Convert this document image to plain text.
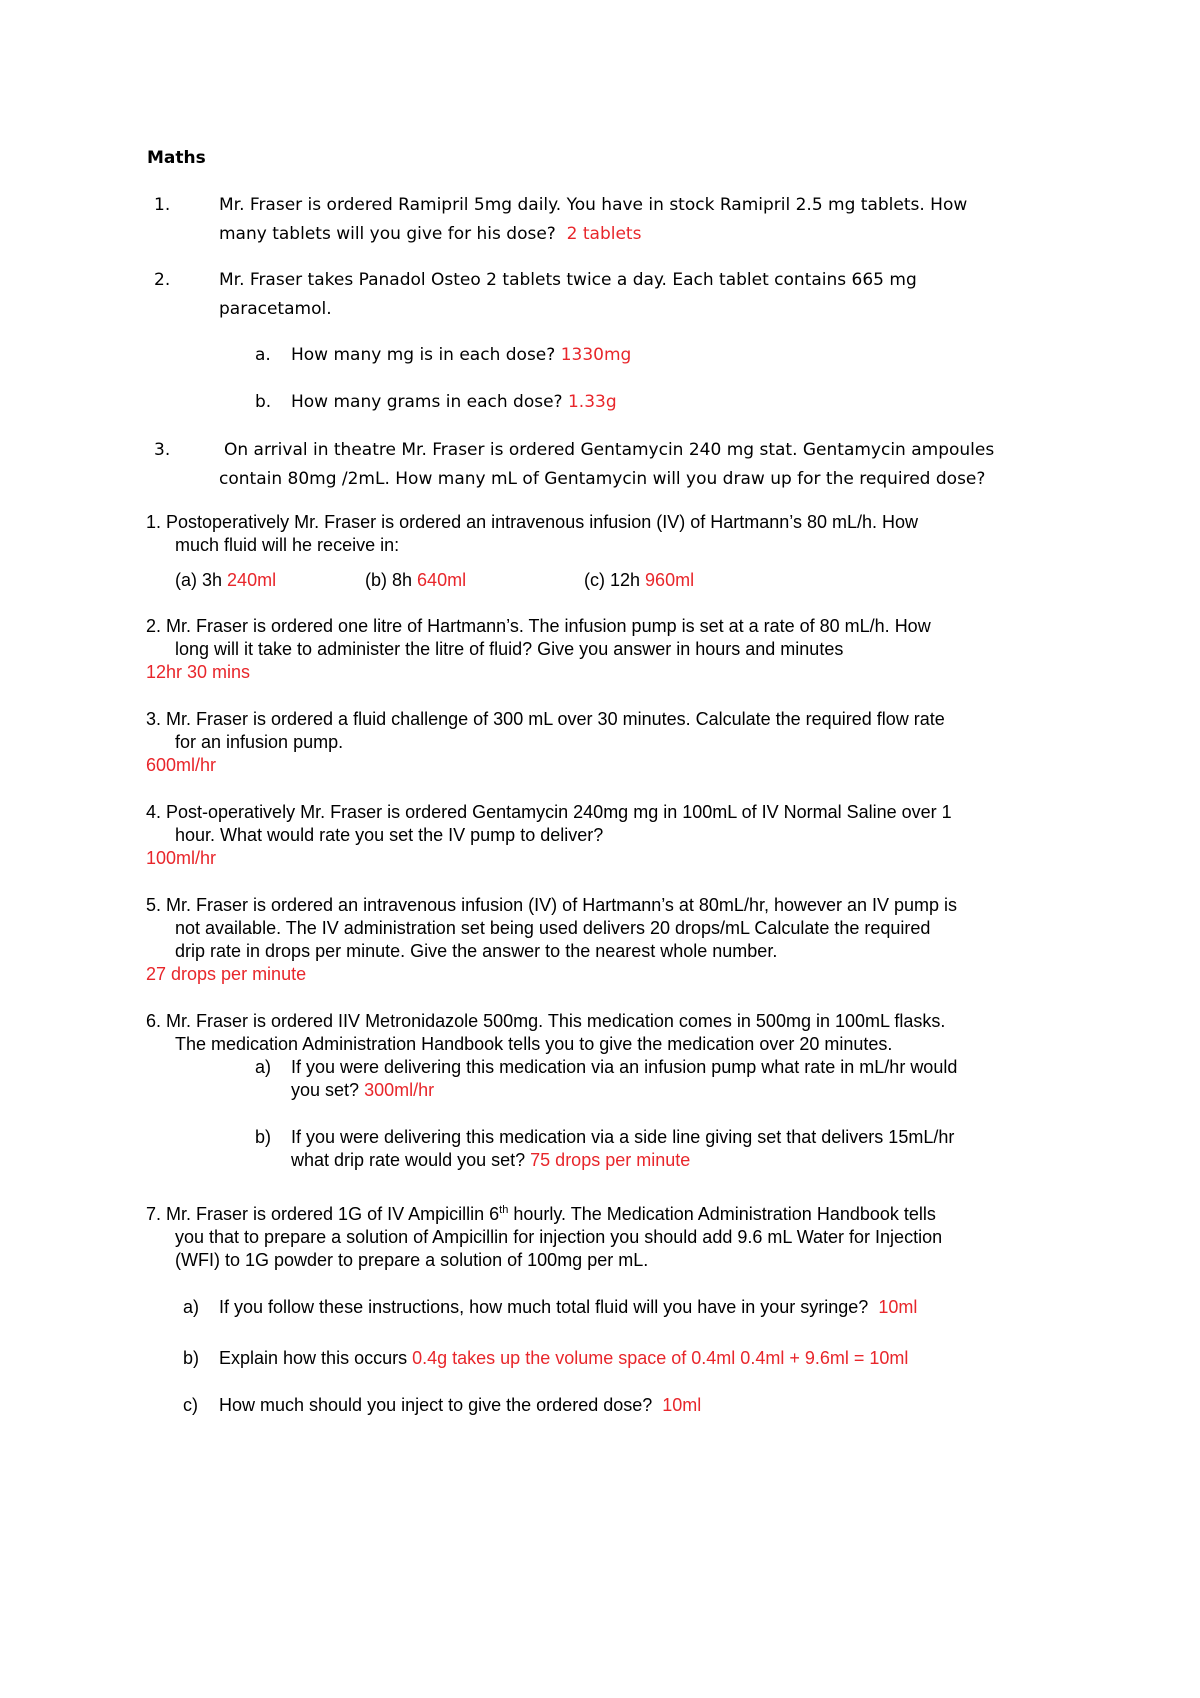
Maths
1.	Mr. Fraser is ordered Ramipril 5mg daily. You have in stock Ramipril 2.5 mg tablets. How
many tablets will you give for his dose? 2 tablets
2.	Mr. Fraser takes Panadol Osteo 2 tablets twice a day. Each tablet contains 665 mg
paracetamol.
a. How many mg is in each dose? 1330mg
b. How many grams in each dose? 1.33g
3.	On arrival in theatre Mr. Fraser is ordered Gentamycin 240 mg stat. Gentamycin ampoules
contain 80mg /2mL. How many mL of Gentamycin will you draw up for the required dose?
1. Postoperatively Mr. Fraser is ordered an intravenous infusion (IV) of Hartmann’s 80 mL/h. How
much fluid will he receive in:
(a) 3h 240ml	(b) 8h 640ml	(c) 12h 960ml
2. Mr. Fraser is ordered one litre of Hartmann’s. The infusion pump is set at a rate of 80 mL/h. How
long will it take to administer the litre of fluid? Give you answer in hours and minutes
12hr 30 mins
3. Mr. Fraser is ordered a fluid challenge of 300 mL over 30 minutes. Calculate the required flow rate
for an infusion pump.
600ml/hr
4. Post-operatively Mr. Fraser is ordered Gentamycin 240mg mg in 100mL of IV Normal Saline over 1
hour. What would rate you set the IV pump to deliver?
100ml/hr
5. Mr. Fraser is ordered an intravenous infusion (IV) of Hartmann’s at 80mL/hr, however an IV pump is
not available. The IV administration set being used delivers 20 drops/mL Calculate the required
drip rate in drops per minute. Give the answer to the nearest whole number.
27 drops per minute
6. Mr. Fraser is ordered IIV Metronidazole 500mg. This medication comes in 500mg in 100mL flasks.
The medication Administration Handbook tells you to give the medication over 20 minutes.
a) If you were delivering this medication via an infusion pump what rate in mL/hr would
you set? 300ml/hr
b) If you were delivering this medication via a side line giving set that delivers 15mL/hr
what drip rate would you set? 75 drops per minute
7. Mr. Fraser is ordered 1G of IV Ampicillin 6th hourly. The Medication Administration Handbook tells
you that to prepare a solution of Ampicillin for injection you should add 9.6 mL Water for Injection
(WFI) to 1G powder to prepare a solution of 100mg per mL.
a) If you follow these instructions, how much total fluid will you have in your syringe? 10ml
b) Explain how this occurs 0.4g takes up the volume space of 0.4ml 0.4ml + 9.6ml = 10ml
c) How much should you inject to give the ordered dose? 10ml
